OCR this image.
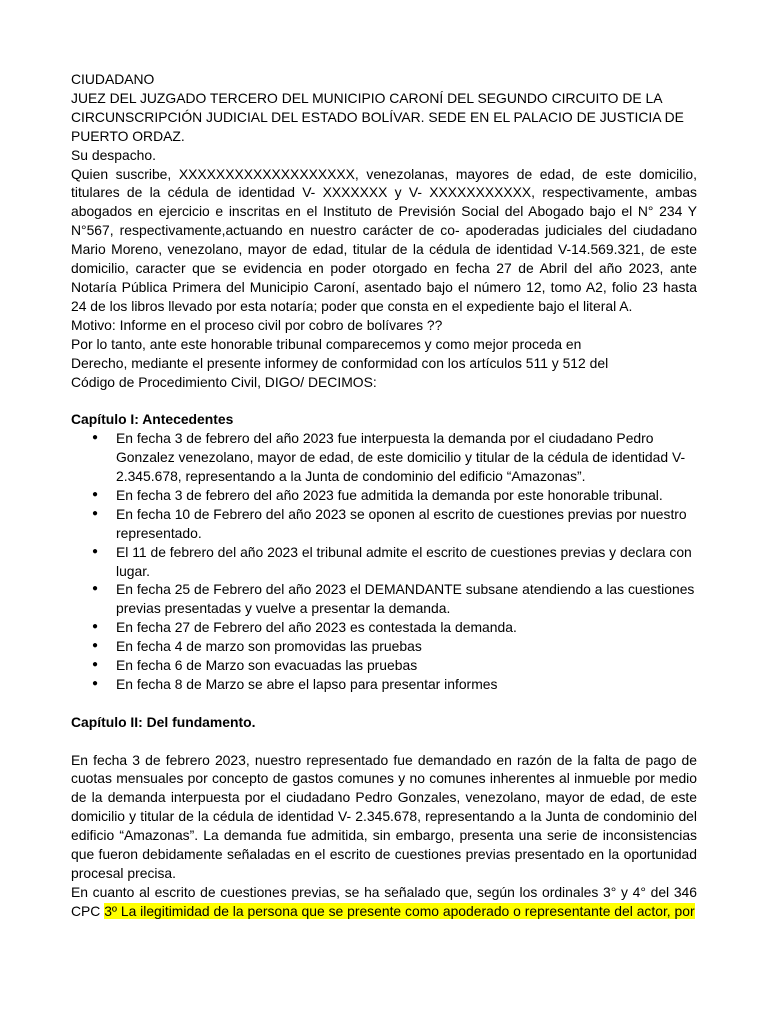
CIUDADANO

JUEZ DEL JUZGADO TERCERO DEL MUNICIPIO CARONÍ DEL SEGUNDO CIRCUITO DE LA CIRCUNSCRIPCIÓN JUDICIAL DEL ESTADO BOLÍVAR. SEDE EN EL PALACIO DE JUSTICIA DE PUERTO ORDAZ.

Su despacho.

Quien suscribe, XXXXXXXXXXXXXXXXXXX, venezolanas, mayores de edad, de este domicilio, titulares de la cédula de identidad V- XXXXXXX y V- XXXXXXXXXXX, respectivamente, ambas abogados en ejercicio e inscritas en el Instituto de Previsión Social del Abogado bajo el N° 234 Y N°567, respectivamente,actuando en nuestro carácter de co- apoderadas judiciales del ciudadano Mario Moreno, venezolano, mayor de edad, titular de la cédula de identidad V-14.569.321, de este domicilio, caracter que se evidencia en poder otorgado en fecha 27 de Abril del año 2023, ante Notaría Pública Primera del Municipio Caroní, asentado bajo el número 12, tomo A2, folio 23 hasta 24 de los libros llevado por esta notaría; poder que consta en el expediente bajo el literal A.

Motivo: Informe en el proceso civil por cobro de bolívares ??

Por lo tanto, ante este honorable tribunal comparecemos y como mejor proceda en Derecho, mediante el presente informey de conformidad con los artículos 511 y 512 del Código de Procedimiento Civil, DIGO/ DECIMOS:

Capítulo I: Antecedentes

● En fecha 3 de febrero del año 2023 fue interpuesta la demanda por el ciudadano Pedro Gonzalez venezolano, mayor de edad, de este domicilio y titular de la cédula de identidad V-2.345.678, representando a la Junta de condominio del edificio “Amazonas”.
● En fecha 3 de febrero del año 2023 fue admitida la demanda por este honorable tribunal.
● En fecha 10 de Febrero del año 2023 se oponen al escrito de cuestiones previas por nuestro representado.
● El 11 de febrero del año 2023 el tribunal admite el escrito de cuestiones previas y declara con lugar.
● En fecha 25 de Febrero del año 2023 el DEMANDANTE subsane atendiendo a las cuestiones previas presentadas y vuelve a presentar la demanda.
● En fecha 27 de Febrero del año 2023 es contestada la demanda.
● En fecha 4 de marzo son promovidas las pruebas
● En fecha 6 de Marzo son evacuadas las pruebas
● En fecha 8 de Marzo se abre el lapso para presentar informes

Capítulo II: Del fundamento.

En fecha 3 de febrero 2023, nuestro representado fue demandado en razón de la falta de pago de cuotas mensuales por concepto de gastos comunes y no comunes inherentes al inmueble por medio de la demanda interpuesta por el ciudadano Pedro Gonzales, venezolano, mayor de edad, de este domicilio y titular de la cédula de identidad V- 2.345.678, representando a la Junta de condominio del edificio “Amazonas”. La demanda fue admitida, sin embargo, presenta una serie de inconsistencias que fueron debidamente señaladas en el escrito de cuestiones previas presentado en la oportunidad procesal precisa.

En cuanto al escrito de cuestiones previas, se ha señalado que, según los ordinales 3° y 4° del 346 CPC 3º La ilegitimidad de la persona que se presente como apoderado o representante del actor, por
